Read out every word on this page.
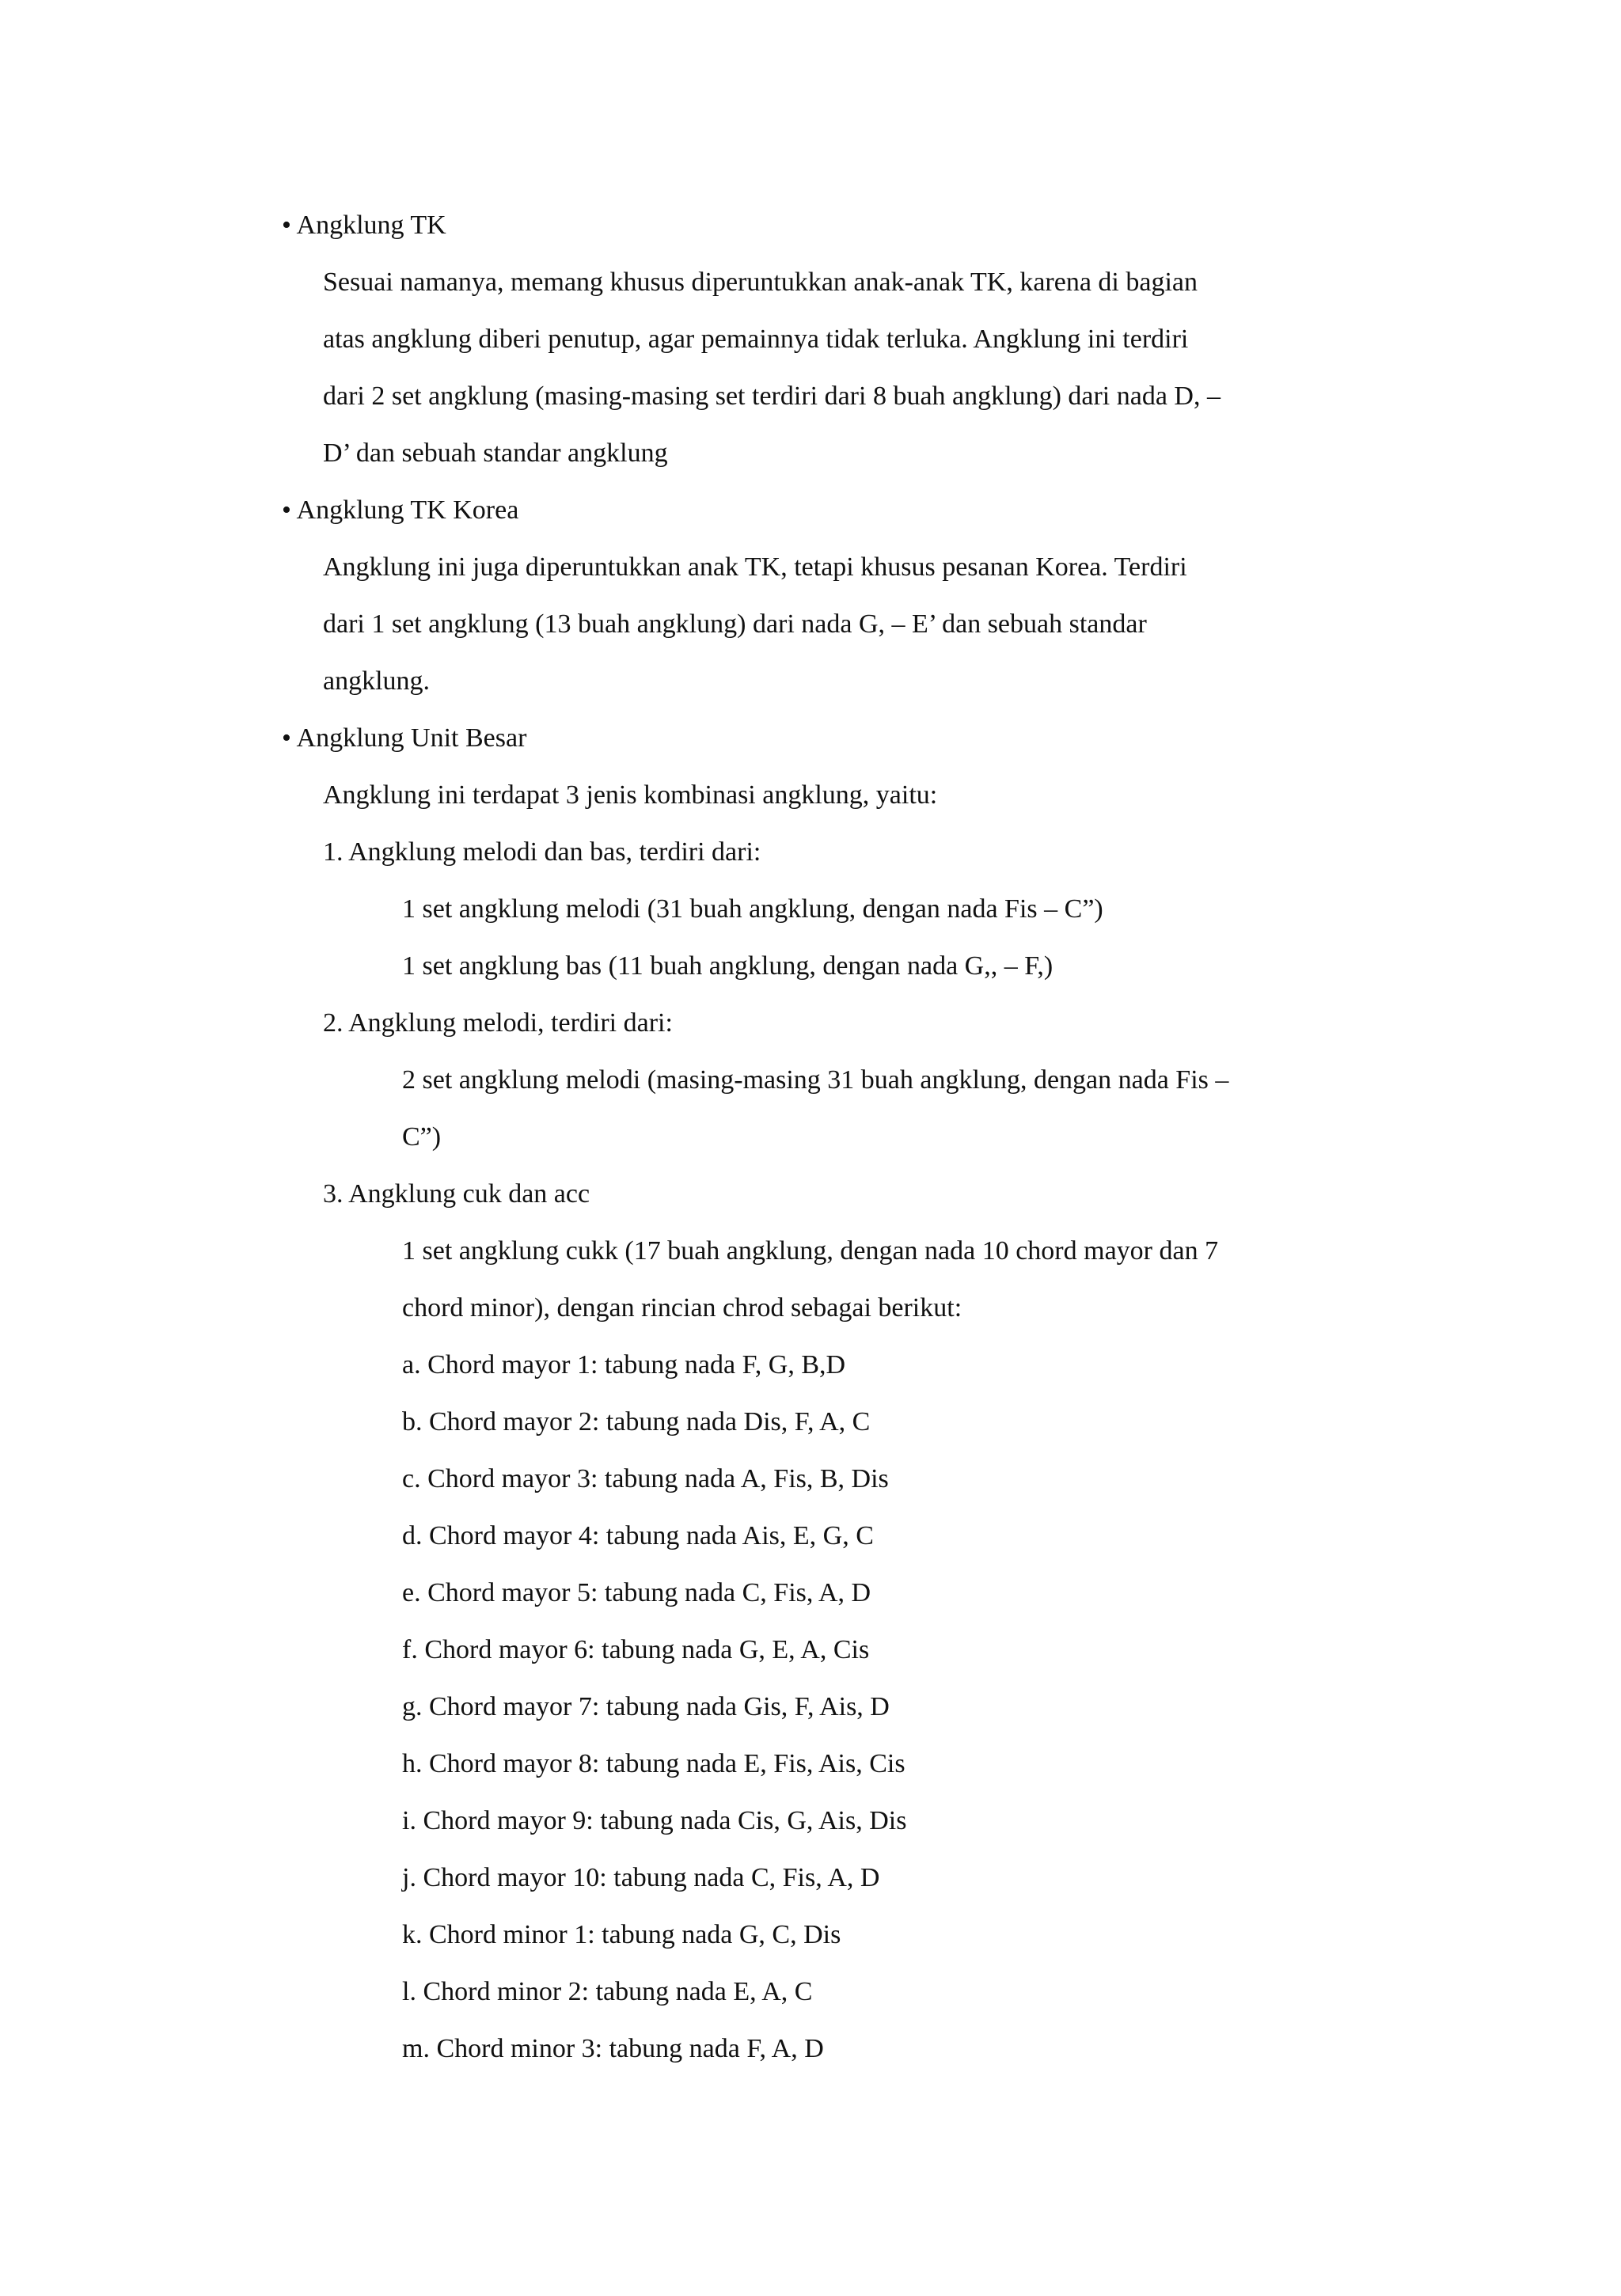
• Angklung TK

Sesuai namanya, memang khusus diperuntukkan anak-anak TK, karena di bagian

atas angklung diberi penutup, agar pemainnya tidak terluka. Angklung ini terdiri

dari 2 set angklung (masing-masing set terdiri dari 8 buah angklung) dari nada D, –

D’ dan sebuah standar angklung

• Angklung TK Korea

Angklung ini juga diperuntukkan anak TK, tetapi khusus pesanan Korea. Terdiri

dari 1 set angklung (13 buah angklung) dari nada G, – E’ dan sebuah standar

angklung.

• Angklung Unit Besar

Angklung ini terdapat 3 jenis kombinasi angklung, yaitu:

1. Angklung melodi dan bas, terdiri dari:

1 set angklung melodi (31 buah angklung, dengan nada Fis – C”)

1 set angklung bas (11 buah angklung, dengan nada G,, – F,)

2. Angklung melodi, terdiri dari:

2 set angklung melodi (masing-masing 31 buah angklung, dengan nada Fis –

C”)

3. Angklung cuk dan acc

1 set angklung cukk (17 buah angklung, dengan nada 10 chord mayor dan 7

chord minor), dengan rincian chrod sebagai berikut:

a. Chord mayor 1: tabung nada F, G, B,D

b. Chord mayor 2: tabung nada Dis, F, A, C

c. Chord mayor 3: tabung nada A, Fis, B, Dis

d. Chord mayor 4: tabung nada Ais, E, G, C

e. Chord mayor 5: tabung nada C, Fis, A, D

f. Chord mayor 6: tabung nada G, E, A, Cis

g. Chord mayor 7: tabung nada Gis, F, Ais, D

h. Chord mayor 8: tabung nada E, Fis, Ais, Cis

i. Chord mayor 9: tabung nada Cis, G, Ais, Dis

j. Chord mayor 10: tabung nada C, Fis, A, D

k. Chord minor 1: tabung nada G, C, Dis

l. Chord minor 2: tabung nada E, A, C

m. Chord minor 3: tabung nada F, A, D
